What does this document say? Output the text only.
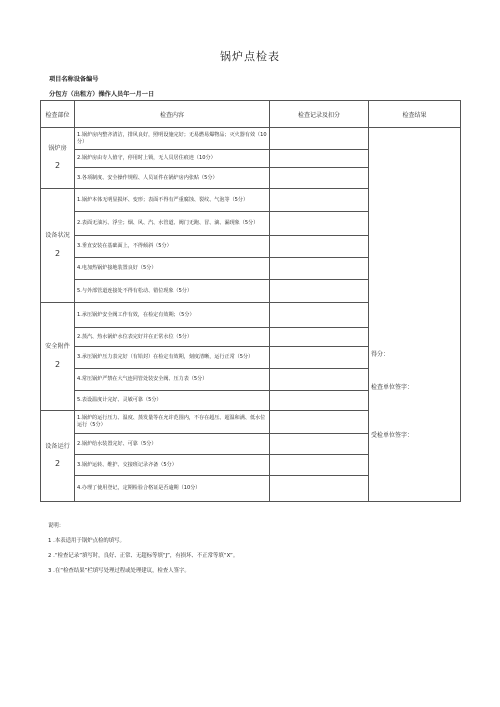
锅炉点检表
项目名称设备编号
分包方（出租方）操作人员年一月一日
检查部位	检查内容	检查记录及扣分	检查结果
锅炉房
2	1.锅炉房内整齐清洁，排风良好，照明设施完好；无易燃易爆物品；灭火器有效（10分）		
	2.锅炉房由专人值守，停用时上锁，无人员居住痕迹（10分）		
	3.各项制度、安全操作规程、人员证件在锅炉房内张贴（5分）		
设备状况
2	1.锅炉本体无明显损坏、变形；表面不得有严重腐蚀、裂纹、气泡等（5分）		
	2.表面无油污、浮尘；烟、风、汽、水管道、阀门无跑、冒、滴、漏现象（5分）		
	3.垂直安装在基础面上，不得倾斜（5分）		
	4.电加热锅炉接地装置良好（5分）		
	5.与外部管道连接处不得有松动、错位现象（5分）		
安全附件
2	1.承压锅炉安全阀工作有效，在检定有效期；（5分）		
	2.蒸汽、热水锅炉水位表完好并在正常水位（5分）		
	3.承压锅炉压力表完好（有铅封）在检定有效期，刻度清晰，运行正常（5分）		
	4.常压锅炉严禁在大气连同管处装安全阀、压力表（5分）		
	5.表设温度计完好、灵敏可靠（5分）		
设备运行
2	1.锅炉的运行压力、温度、蒸发量等在允许范围内，不存在超压、超温和满、低水位运行（5分）		
	2.锅炉给水装置完好、可靠（5分）		
	3.锅炉运转、维护、交接班记录齐备（5分）		
	4.办理了使用登记，定期检验合格证是否逾期（10分）		
得分：
检查单位签字：
受检单位签字：
说明：
1 .本表适用于锅炉点检的填写。
2 .“检查记录”填写时，良好、正常、无超标等填“J”，有损坏、不正常等填“X”。
3 .在“检查结果”栏填写处理过程或处理建议，检查人签字。
